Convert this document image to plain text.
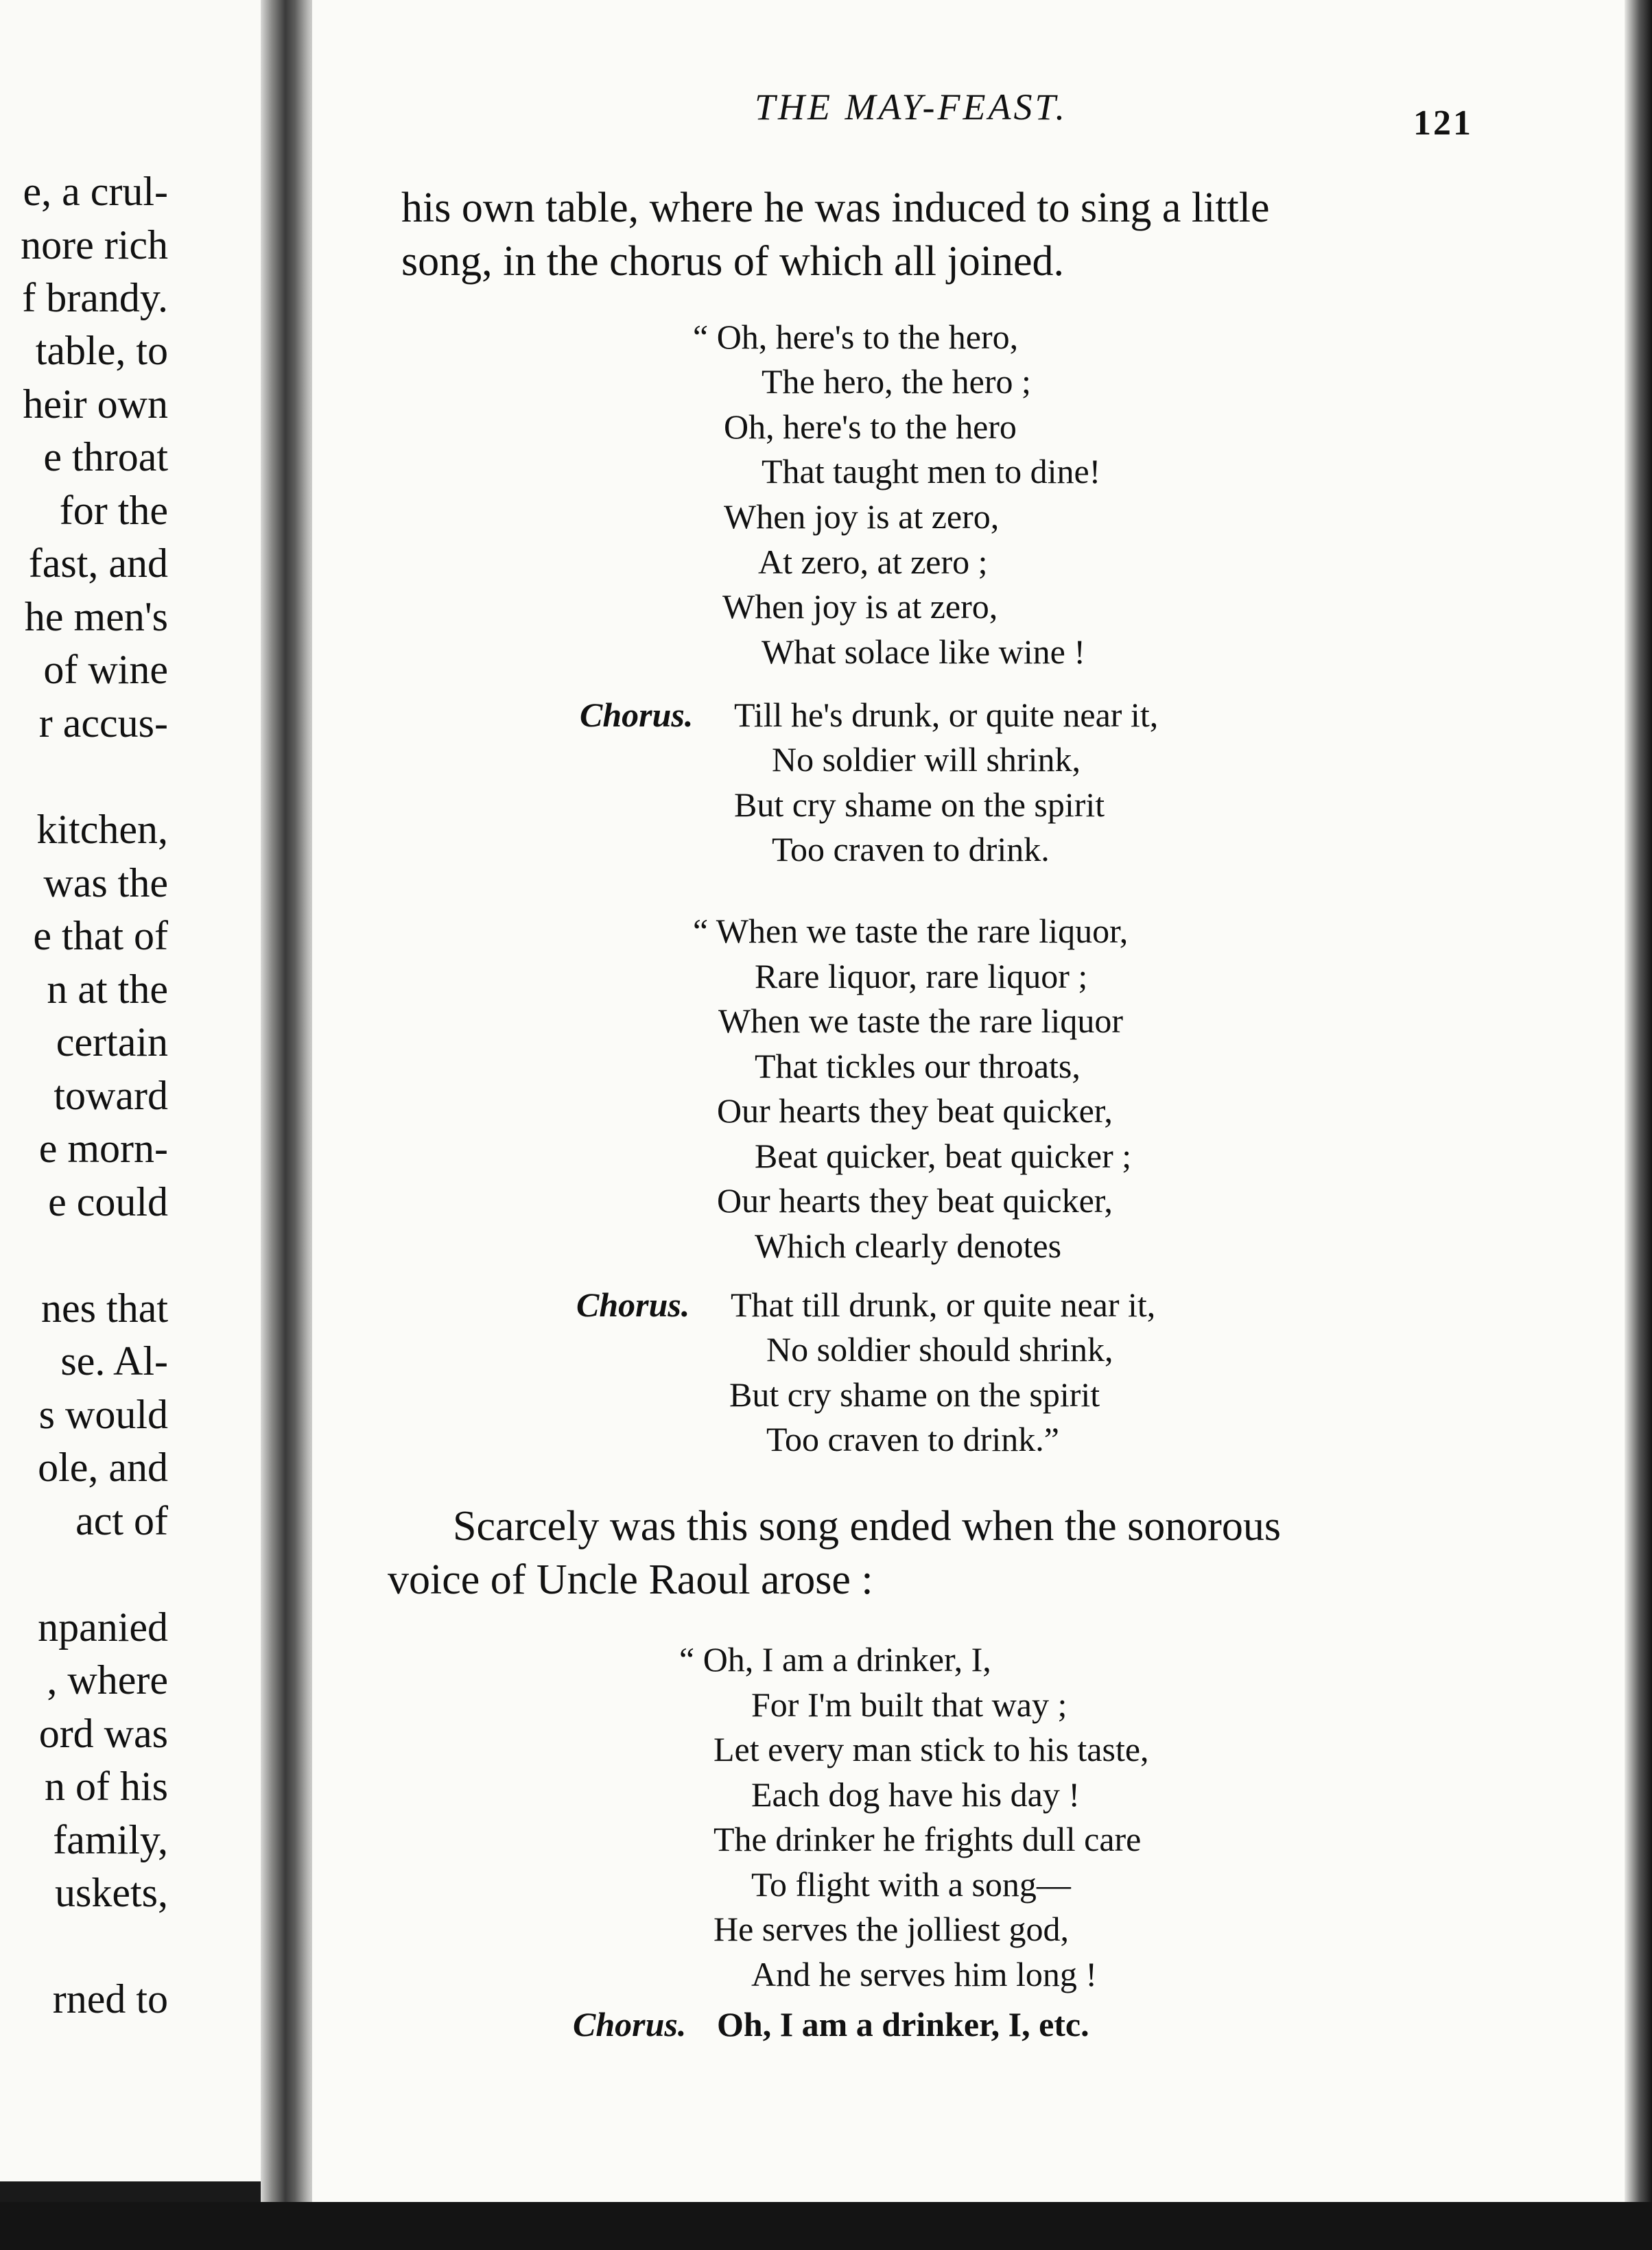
e, a crul-
nore rich
f brandy.
table, to
heir own
e throat
for the
fast, and
he men's
of wine
r accus-
kitchen,
was the
e that of
n at the
certain
toward
e morn-
e could
nes that
se. Al-
s would
ole, and
act of
npanied
, where
ord was
n of his
family,
uskets,
rned to
THE MAY-FEAST.	121
his own table, where he was induced to sing a little
song, in the chorus of which all joined.
“ Oh, here's to the hero,
The hero, the hero ;
Oh, here's to the hero
That taught men to dine!
When joy is at zero,
At zero, at zero ;
When joy is at zero,
What solace like wine !
Chorus. Till he's drunk, or quite near it,
No soldier will shrink,
But cry shame on the spirit
Too craven to drink.
“ When we taste the rare liquor,
Rare liquor, rare liquor ;
When we taste the rare liquor
That tickles our throats,
Our hearts they beat quicker,
Beat quicker, beat quicker ;
Our hearts they beat quicker,
Which clearly denotes
Chorus. That till drunk, or quite near it,
No soldier should shrink,
But cry shame on the spirit
Too craven to drink.”
Scarcely was this song ended when the sonorous
voice of Uncle Raoul arose :
“ Oh, I am a drinker, I,
For I'm built that way ;
Let every man stick to his taste,
Each dog have his day !
The drinker he frights dull care
To flight with a song—
He serves the jolliest god,
And he serves him long !
Chorus. Oh, I am a drinker, I, etc.
